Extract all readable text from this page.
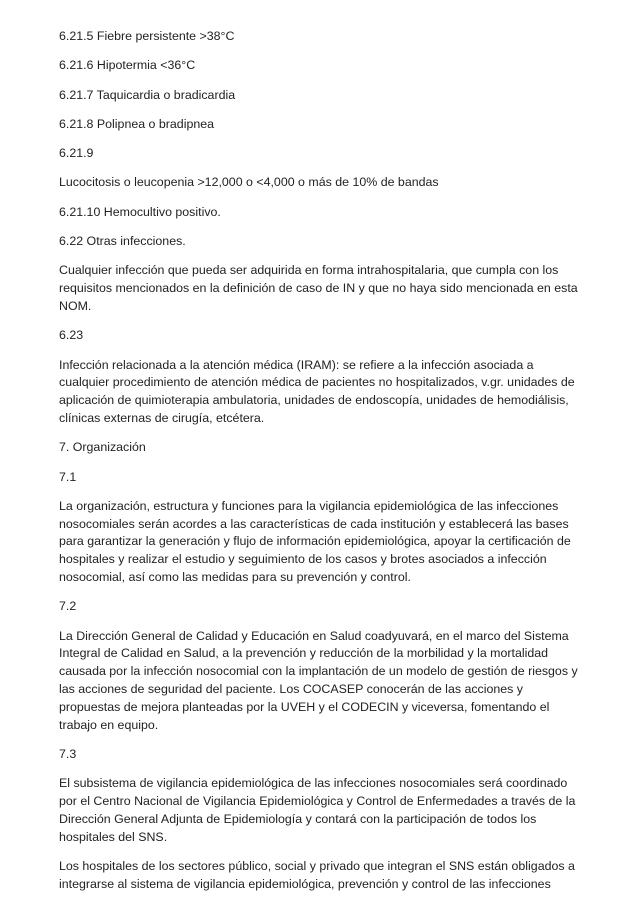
6.21.5 Fiebre persistente >38°C

6.21.6 Hipotermia <36°C

6.21.7 Taquicardia o bradicardia

6.21.8 Polipnea o bradipnea

6.21.9

Lucocitosis o leucopenia >12,000 o <4,000 o más de 10% de bandas

6.21.10 Hemocultivo positivo.

6.22 Otras infecciones.

Cualquier infección que pueda ser adquirida en forma intrahospitalaria, que cumpla con los requisitos mencionados en la definición de caso de IN y que no haya sido mencionada en esta NOM.

6.23

Infección relacionada a la atención médica (IRAM): se refiere a la infección asociada a cualquier procedimiento de atención médica de pacientes no hospitalizados, v.gr. unidades de aplicación de quimioterapia ambulatoria, unidades de endoscopía, unidades de hemodiálisis, clínicas externas de cirugía, etcétera.

7. Organización

7.1

La organización, estructura y funciones para la vigilancia epidemiológica de las infecciones nosocomiales serán acordes a las características de cada institución y establecerá las bases para garantizar la generación y flujo de información epidemiológica, apoyar la certificación de hospitales y realizar el estudio y seguimiento de los casos y brotes asociados a infección nosocomial, así como las medidas para su prevención y control.

7.2

La Dirección General de Calidad y Educación en Salud coadyuvará, en el marco del Sistema Integral de Calidad en Salud, a la prevención y reducción de la morbilidad y la mortalidad causada por la infección nosocomial con la implantación de un modelo de gestión de riesgos y las acciones de seguridad del paciente. Los COCASEP conocerán de las acciones y propuestas de mejora planteadas por la UVEH y el CODECIN y viceversa, fomentando el trabajo en equipo.

7.3

El subsistema de vigilancia epidemiológica de las infecciones nosocomiales será coordinado por el Centro Nacional de Vigilancia Epidemiológica y Control de Enfermedades a través de la Dirección General Adjunta de Epidemiología y contará con la participación de todos los hospitales del SNS.

Los hospitales de los sectores público, social y privado que integran el SNS están obligados a integrarse al sistema de vigilancia epidemiológica, prevención y control de las infecciones
